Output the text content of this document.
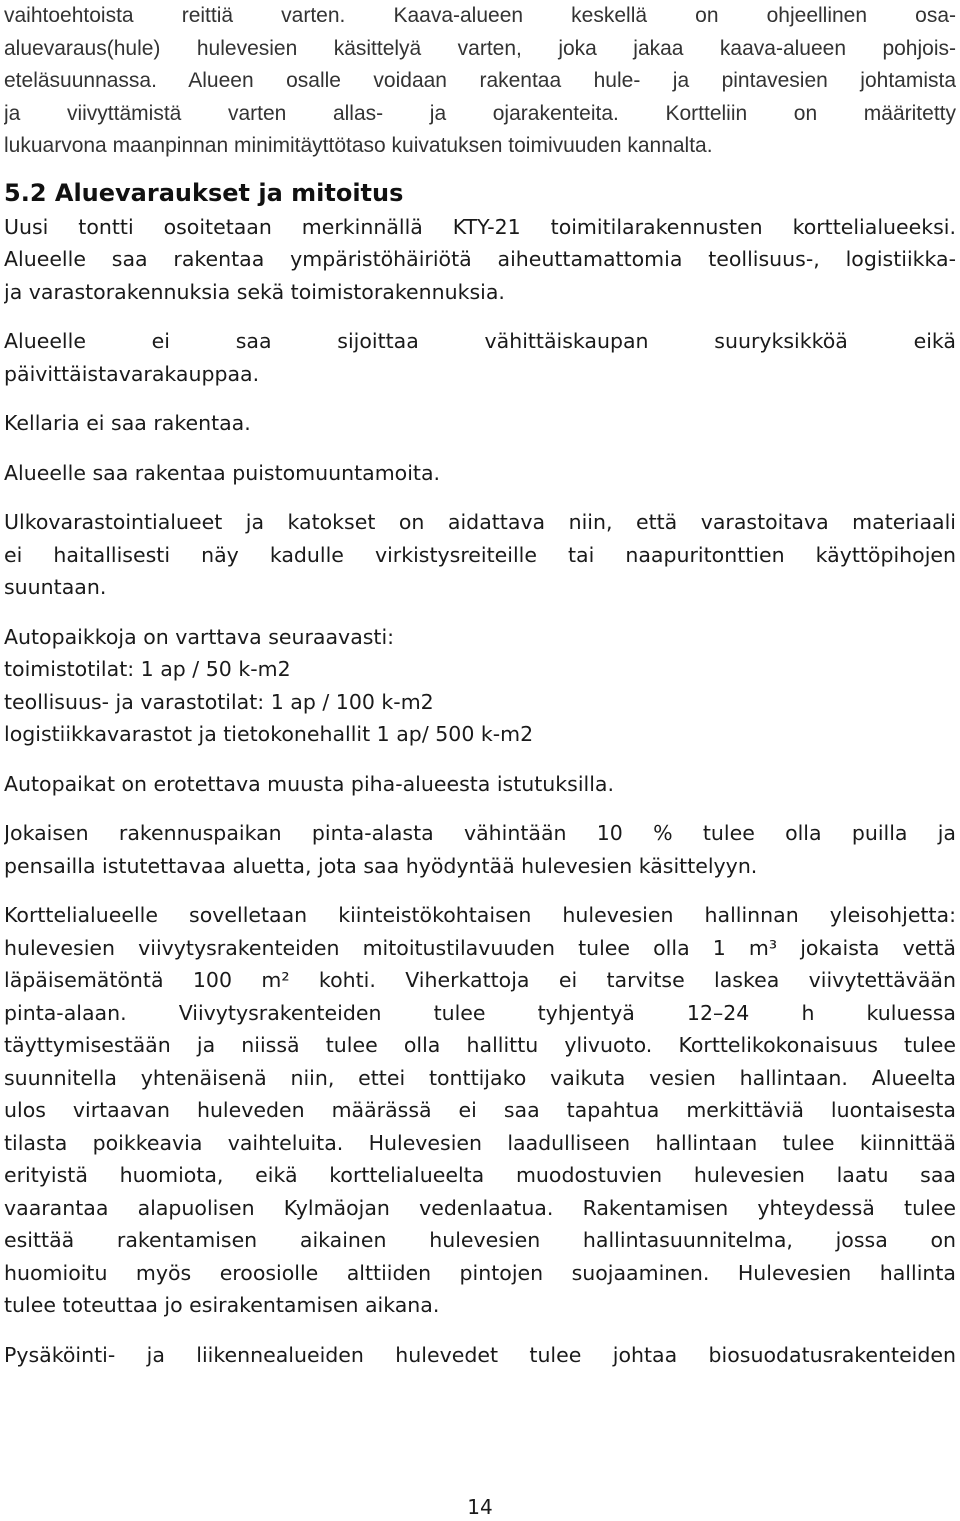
vaihtoehtoista reittiä varten. Kaava-alueen keskellä on ohjeellinen osa-
aluevaraus(hule) hulevesien käsittelyä varten, joka jakaa kaava-alueen pohjois-
eteläsuunnassa. Alueen osalle voidaan rakentaa hule- ja pintavesien johtamista
ja viivyttämistä varten allas- ja ojarakenteita. Kortteliin on määritetty
lukuarvona maanpinnan minimitäyttötaso kuivatuksen toimivuuden kannalta.
5.2 Aluevaraukset ja mitoitus
Uusi tontti osoitetaan merkinnällä KTY-21 toimitilarakennusten korttelialueeksi.
Alueelle saa rakentaa ympäristöhäiriötä aiheuttamattomia teollisuus-, logistiikka-
ja varastorakennuksia sekä toimistorakennuksia.
Alueelle ei saa sijoittaa vähittäiskaupan suuryksikköä eikä
päivittäistavarakauppaa.
Kellaria ei saa rakentaa.
Alueelle saa rakentaa puistomuuntamoita.
Ulkovarastointialueet ja katokset on aidattava niin, että varastoitava materiaali
ei haitallisesti näy kadulle virkistysreiteille tai naapuritonttien käyttöpihojen
suuntaan.
Autopaikkoja on varttava seuraavasti:
toimistotilat: 1 ap / 50 k-m2
teollisuus- ja varastotilat: 1 ap / 100 k-m2
logistiikkavarastot ja tietokonehallit 1 ap/ 500 k-m2
Autopaikat on erotettava muusta piha-alueesta istutuksilla.
Jokaisen rakennuspaikan pinta-alasta vähintään 10 % tulee olla puilla ja
pensailla istutettavaa aluetta, jota saa hyödyntää hulevesien käsittelyyn.
Korttelialueelle sovelletaan kiinteistökohtaisen hulevesien hallinnan yleisohjetta:
hulevesien viivytysrakenteiden mitoitustilavuuden tulee olla 1 m³ jokaista vettä
läpäisemätöntä 100 m² kohti. Viherkattoja ei tarvitse laskea viivytettävään
pinta-alaan. Viivytysrakenteiden tulee tyhjentyä 12–24 h kuluessa
täyttymisestään ja niissä tulee olla hallittu ylivuoto. Korttelikokonaisuus tulee
suunnitella yhtenäisenä niin, ettei tonttijako vaikuta vesien hallintaan. Alueelta
ulos virtaavan huleveden määrässä ei saa tapahtua merkittäviä luontaisesta
tilasta poikkeavia vaihteluita. Hulevesien laadulliseen hallintaan tulee kiinnittää
erityistä huomiota, eikä korttelialueelta muodostuvien hulevesien laatu saa
vaarantaa alapuolisen Kylmäojan vedenlaatua. Rakentamisen yhteydessä tulee
esittää rakentamisen aikainen hulevesien hallintasuunnitelma, jossa on
huomioitu myös eroosiolle alttiiden pintojen suojaaminen. Hulevesien hallinta
tulee toteuttaa jo esirakentamisen aikana.
Pysäköinti- ja liikennealueiden hulevedet tulee johtaa biosuodatusrakenteiden
14
